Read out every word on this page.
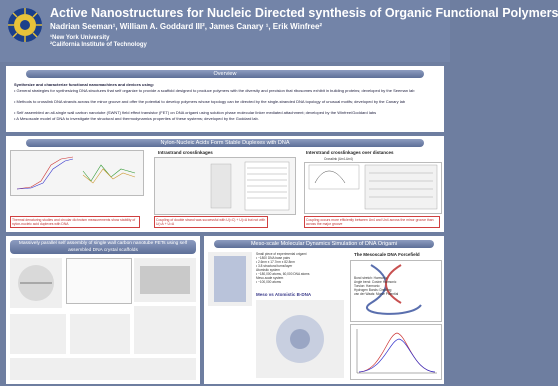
Active Nanostructures for Nucleic Directed synthesis of Organic Functional Polymers
Nadrian Seeman¹, William A. Goddard III², James Canary ¹, Erik Winfree²
¹New York University
²California Institute of Technology
Overview
Synthesize and characterize functional nanomachines and devices using:
• General strategies for synthesizing DNA structures that self organize to provide a scaffold designed to produce polymers with the diversity and precision that ribosomes exhibit in building proteins; developed by the Seeman lab
• Methods to crosslink DNA strands across the minor groove and offer the potential to develop polymers whose topology can be directed by the single-stranded DNA topology of unusual motifs; developed by the Canary lab
• Self assembled an all-single wall carbon nanotube (SWNT) field effect transistor (FET) on DNA origami using solution phase molecular linker mediated attachment; developed by the Winfree/Goddard labs
• A Mesoscale model of DNA to investigate the structural and thermodynamics properties of these systems; developed by the Goddard lab.
Nylon-Nucleic Acids Form Stable Duplexes with DNA
Thermal denaturing studies and circular dichroism measurements show stability of nylon-nucleic acid duplexes with DNA
Intrastrand crosslinkages
Coupling of double strand was successful with U(=C) + U(=A but not with U(=A + U=A
Interstrand crosslinkages over distances
Crosslink (Un4-Un4)
Coupling occurs more efficiently between Un4 and Un4 across the minor groove than across the major groove
Massively parallel self assembly of single wall carbon nanotube FETs using self assembled DNA crystal scaffolds
Meso-scale Molecular Dynamics Simulation of DNA Origami
Small piece of experimental origami
• ~1800 DNA base pairs
• 2.6nm x 17.7nm x 82.8nm
• 3.8 structural turns/layer
Atomistic system
• ~180,000 atoms, 60,000 DNA atoms
Meso-scale system
• ~100,000 atoms
Meso vs Atomistic B-DNA
The Mesoscale DNA Forcefield
Bond stretch: Harmonic
Angle bend: Cosine Harmonic
Torsion: Harmonic
Hydrogen Bonds: Dreiding
van der Waals: Morse Potential
